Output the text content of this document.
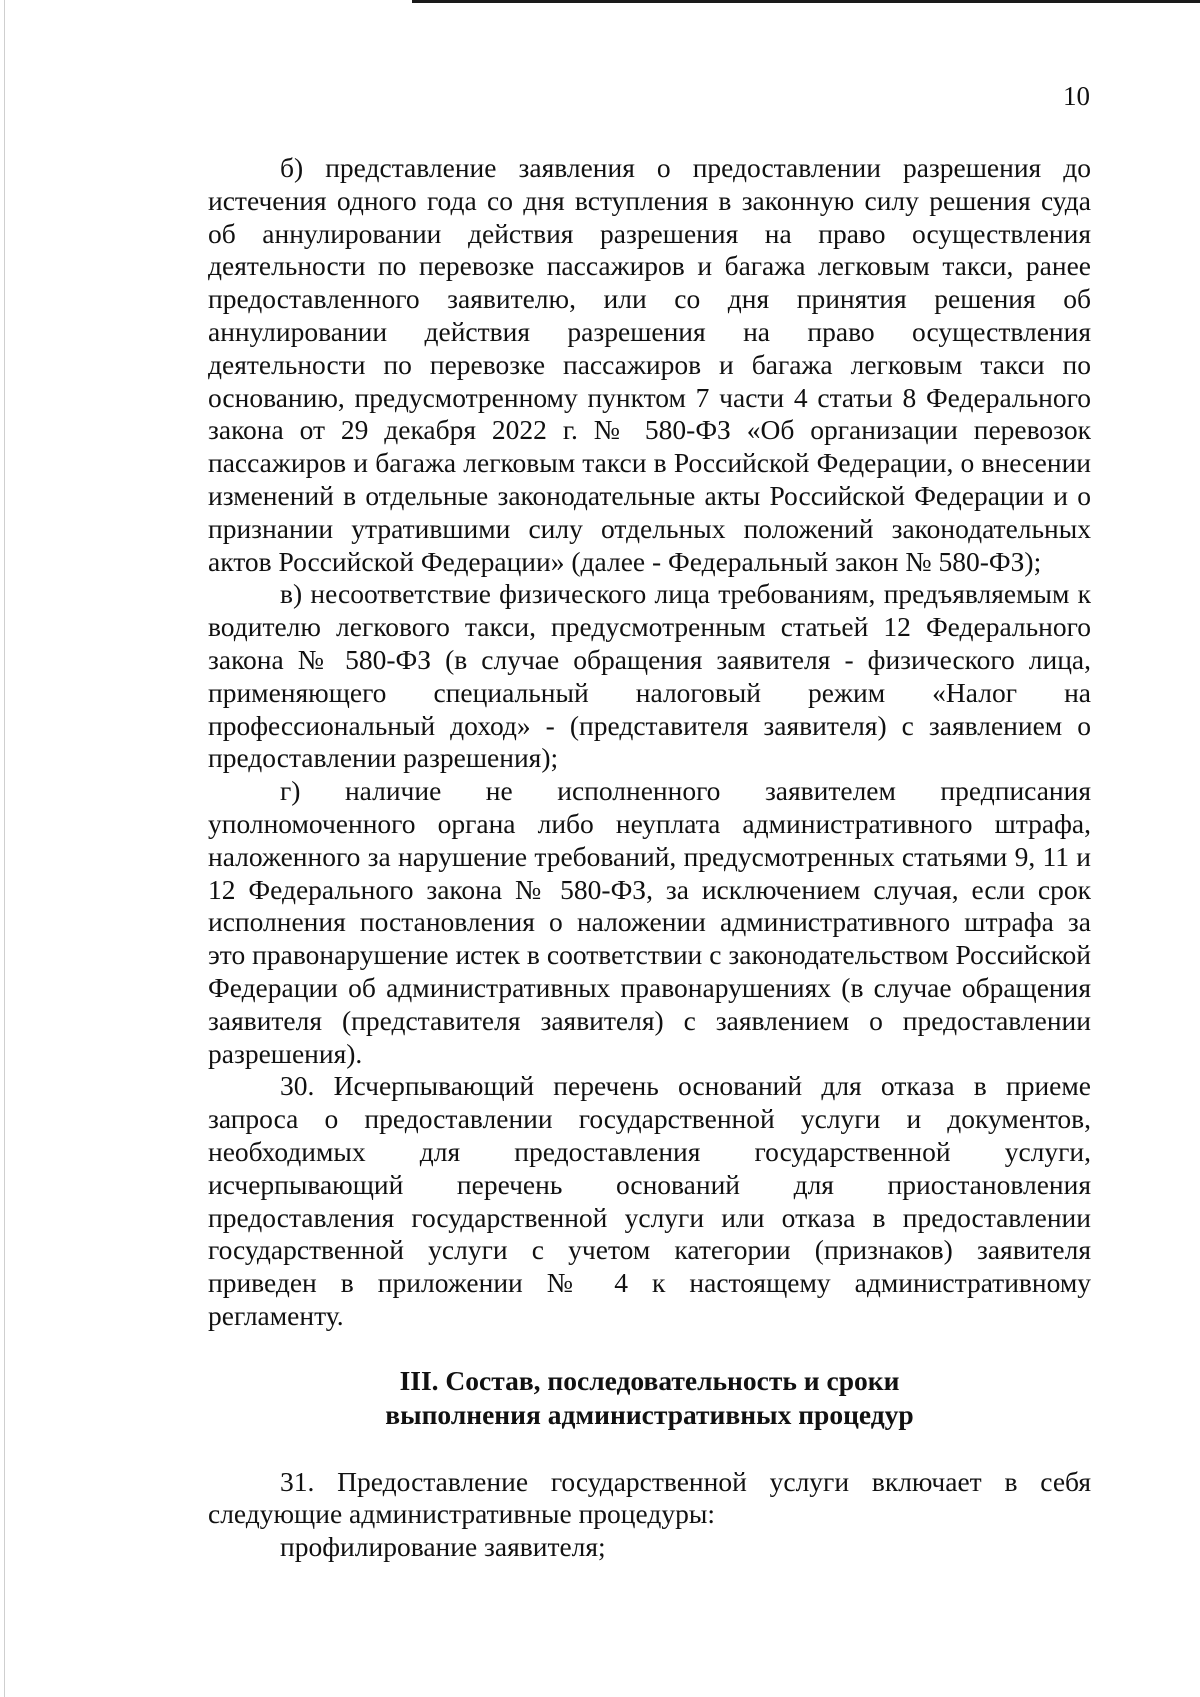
10

б) представление заявления о предоставлении разрешения до истечения одного года со дня вступления в законную силу решения суда об аннулировании действия разрешения на право осуществления деятельности по перевозке пассажиров и багажа легковым такси, ранее предоставленного заявителю, или со дня принятия решения об аннулировании действия разрешения на право осуществления деятельности по перевозке пассажиров и багажа легковым такси по основанию, предусмотренному пунктом 7 части 4 статьи 8 Федерального закона от 29 декабря 2022 г. № 580-ФЗ «Об организации перевозок пассажиров и багажа легковым такси в Российской Федерации, о внесении изменений в отдельные законодательные акты Российской Федерации и о признании утратившими силу отдельных положений законодательных актов Российской Федерации» (далее - Федеральный закон № 580-ФЗ);

в) несоответствие физического лица требованиям, предъявляемым к водителю легкового такси, предусмотренным статьей 12 Федерального закона № 580-ФЗ (в случае обращения заявителя - физического лица, применяющего специальный налоговый режим «Налог на профессиональный доход» - (представителя заявителя) с заявлением о предоставлении разрешения);

г) наличие не исполненного заявителем предписания уполномоченного органа либо неуплата административного штрафа, наложенного за нарушение требований, предусмотренных статьями 9, 11 и 12 Федерального закона № 580-ФЗ, за исключением случая, если срок исполнения постановления о наложении административного штрафа за это правонарушение истек в соответствии с законодательством Российской Федерации об административных правонарушениях (в случае обращения заявителя (представителя заявителя) с заявлением о предоставлении разрешения).

30. Исчерпывающий перечень оснований для отказа в приеме запроса о предоставлении государственной услуги и документов, необходимых для предоставления государственной услуги, исчерпывающий перечень оснований для приостановления предоставления государственной услуги или отказа в предоставлении государственной услуги с учетом категории (признаков) заявителя приведен в приложении № 4 к настоящему административному регламенту.

III. Состав, последовательность и сроки
выполнения административных процедур

31. Предоставление государственной услуги включает в себя следующие административные процедуры:

профилирование заявителя;
